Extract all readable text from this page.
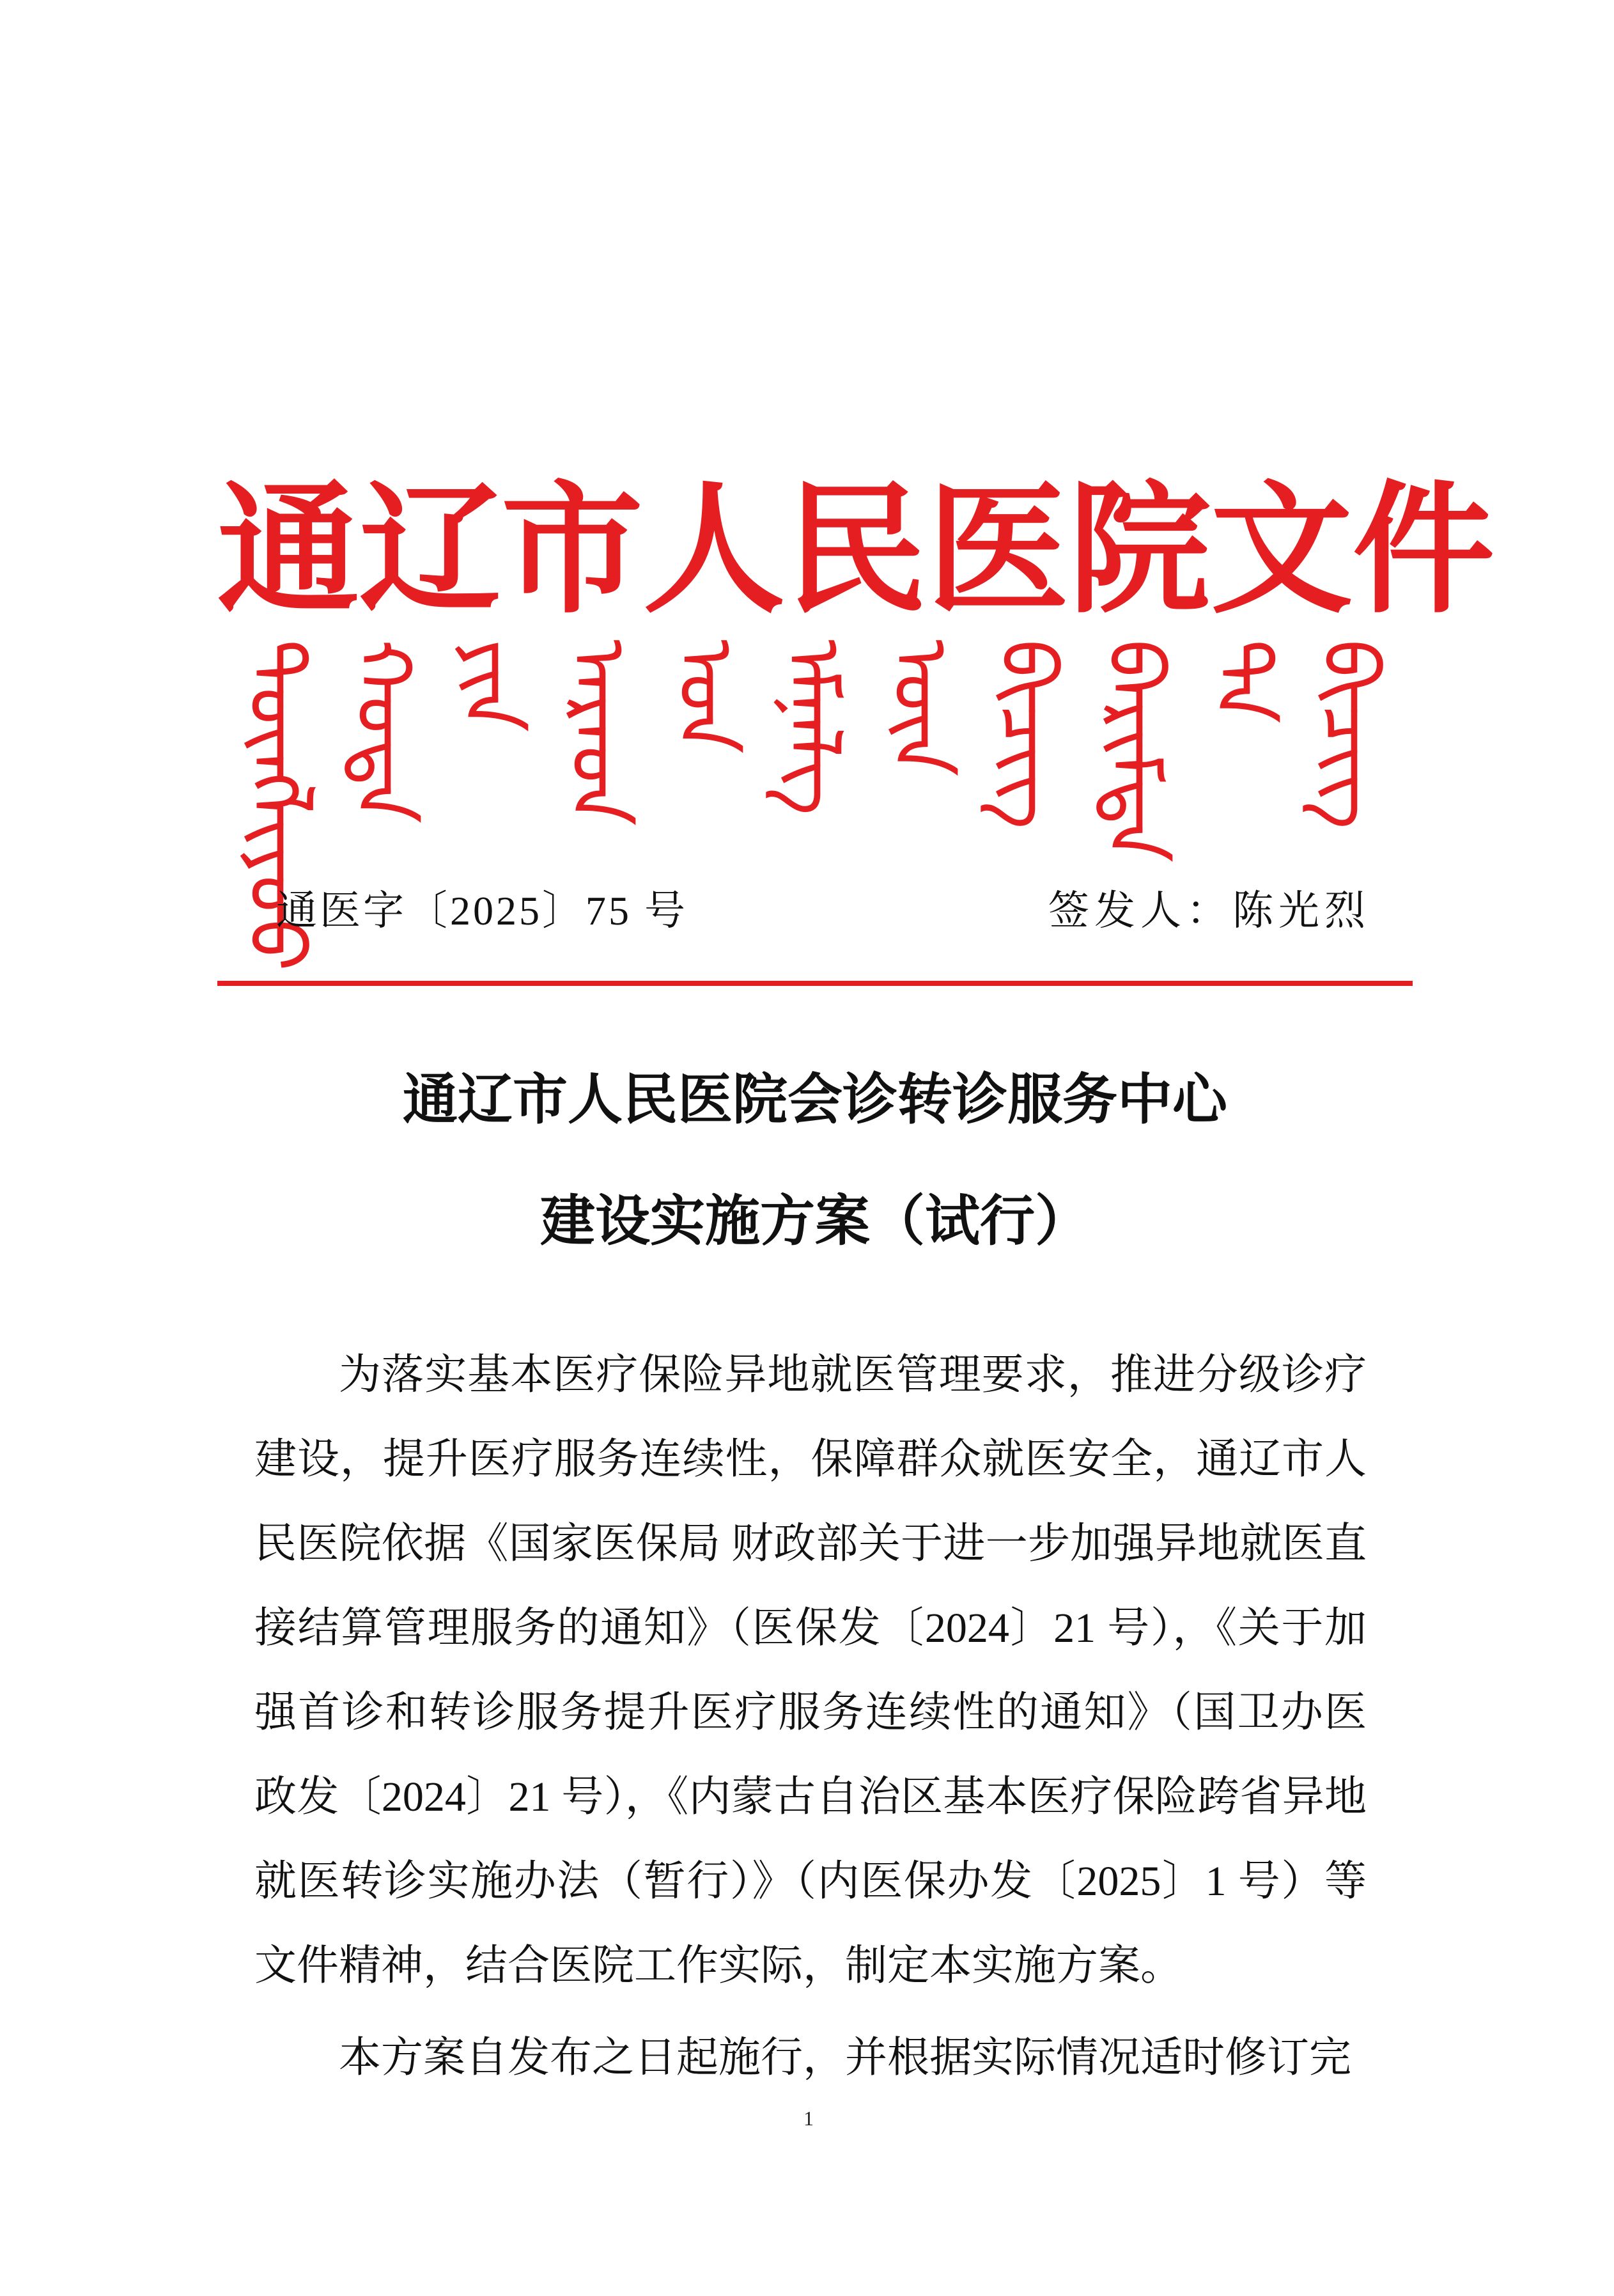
通 辽 市 人 民 医 院 文 件
ᠲᠦᠩᠯᠢᠶᠣᠣ ᠬᠣᠲᠠ ᠶᠢᠨ ᠠᠷᠠᠳ ᠤᠨ ᠡᠮᠨᠡᠯᠭ ᠦᠨ ᠪᠢᠴᠢᠭ ᠪᠠᠷᠢᠮᠲᠠ ᠲᠠ ᠪᠢᠴᠢᠭ
通医字〔2025〕75 号	签发人：陈光烈
通辽市人民医院会诊转诊服务中心
建设实施方案（试行）

为落实基本医疗保险异地就医管理要求，推进分级诊疗建设，提升医疗服务连续性，保障群众就医安全，通辽市人民医院依据《国家医保局 财政部关于进一步加强异地就医直接结算管理服务的通知》（医保发〔2024〕21 号），《关于加强首诊和转诊服务提升医疗服务连续性的通知》（国卫办医政发〔2024〕21 号），《内蒙古自治区基本医疗保险跨省异地就医转诊实施办法（暂行）》（内医保办发〔2025〕1 号）等文件精神，结合医院工作实际，制定本实施方案。

本方案自发布之日起施行，并根据实际情况适时修订完

1
